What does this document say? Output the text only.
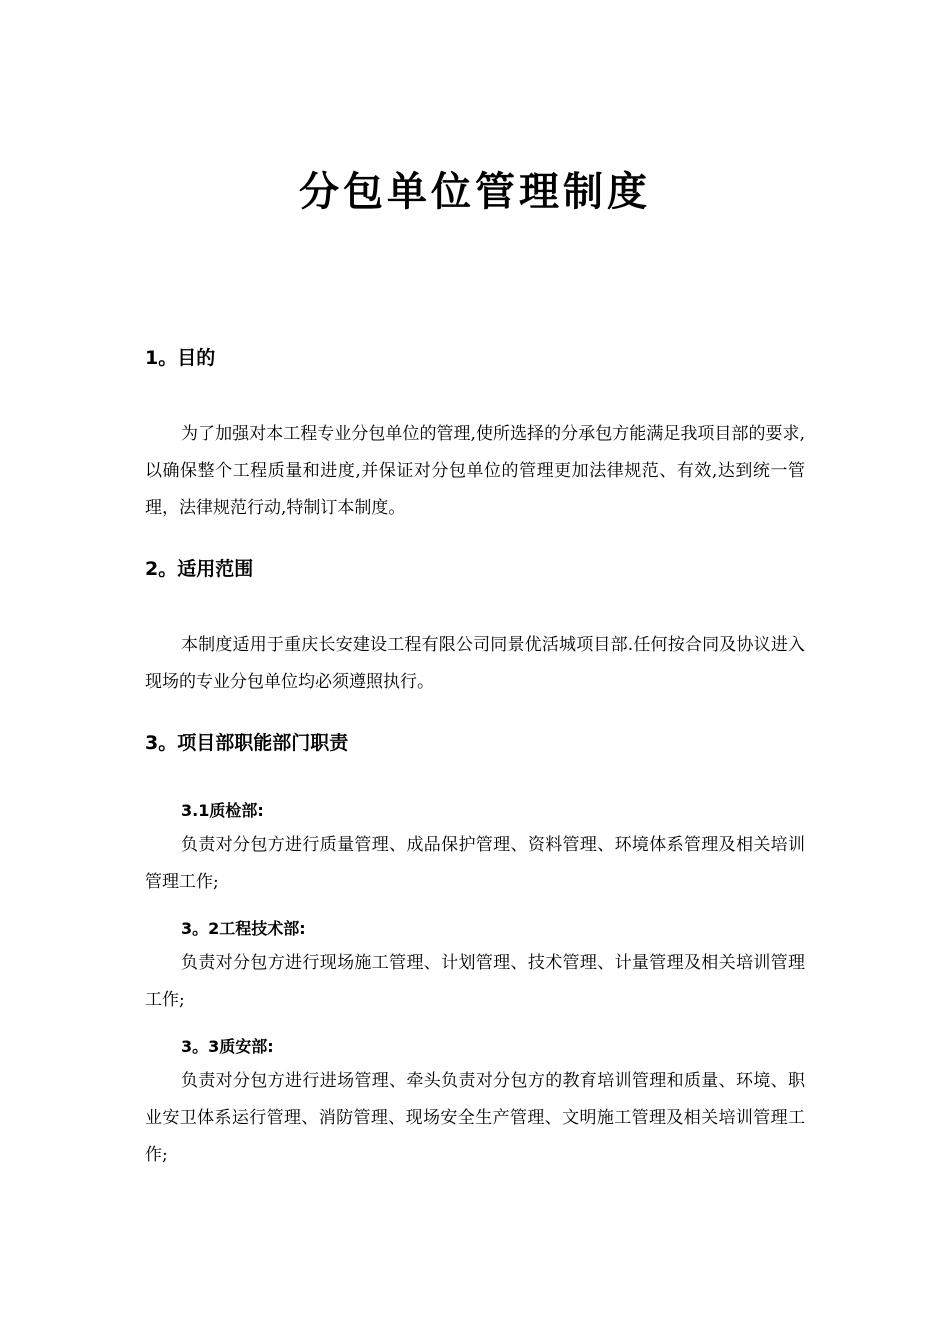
分包单位管理制度
1。目的

为了加强对本工程专业分包单位的管理,使所选择的分承包方能满足我项目部的要求,以确保整个工程质量和进度,并保证对分包单位的管理更加法律规范、有效,达到统一管理，法律规范行动,特制订本制度。

2。适用范围

本制度适用于重庆长安建设工程有限公司同景优活城项目部.任何按合同及协议进入现场的专业分包单位均必须遵照执行。

3。项目部职能部门职责
3.1质检部:

负责对分包方进行质量管理、成品保护管理、资料管理、环境体系管理及相关培训管理工作;

3。2工程技术部:

负责对分包方进行现场施工管理、计划管理、技术管理、计量管理及相关培训管理工作;

3。3质安部:

负责对分包方进行进场管理、牵头负责对分包方的教育培训管理和质量、环境、职业安卫体系运行管理、消防管理、现场安全生产管理、文明施工管理及相关培训管理工作;
